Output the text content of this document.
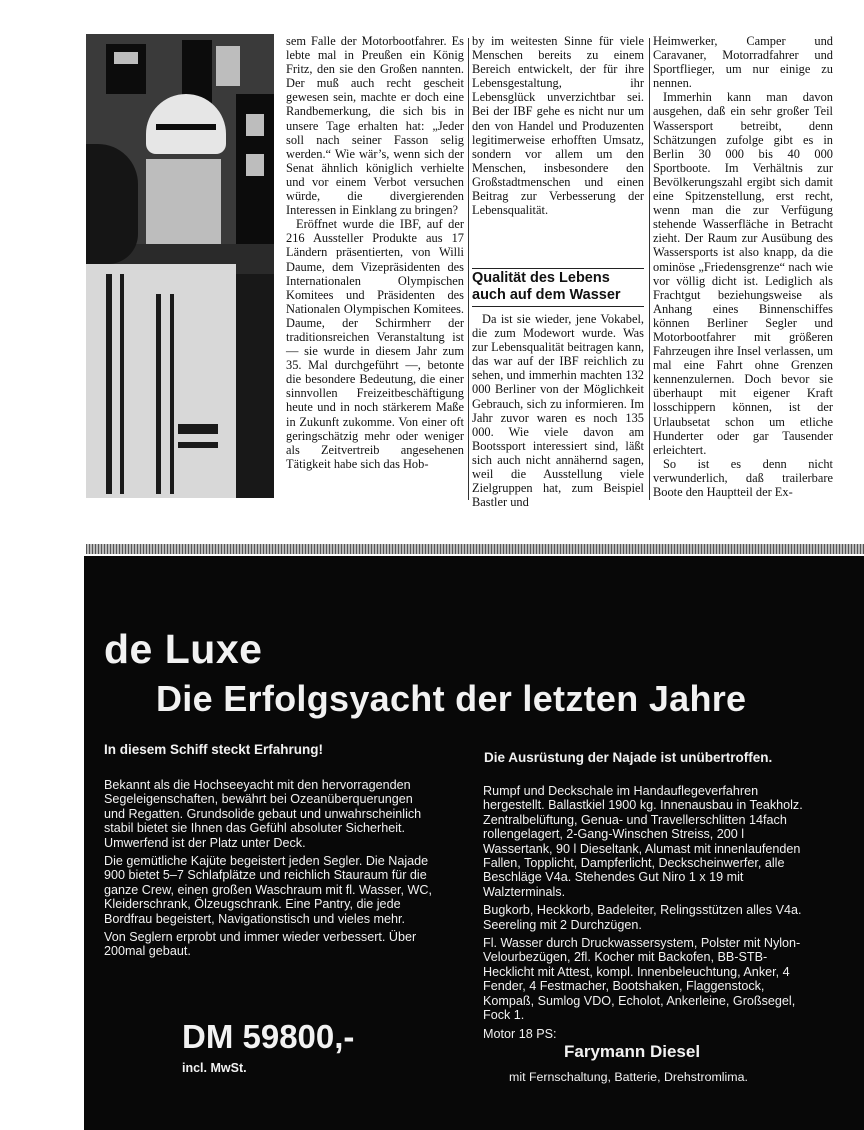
sem Falle der Motorbootfahrer. Es lebte mal in Preußen ein König Fritz, den sie den Großen nannten. Der muß auch recht gescheit gewesen sein, machte er doch eine Randbemerkung, die sich bis in unsere Tage erhalten hat: „Jeder soll nach seiner Fasson selig werden.“ Wie wär’s, wenn sich der Senat ähnlich königlich verhielte und vor einem Verbot versuchen würde, die divergierenden Interessen in Einklang zu bringen?

Eröffnet wurde die IBF, auf der 216 Aussteller Produkte aus 17 Ländern präsentierten, von Willi Daume, dem Vizepräsidenten des Internationalen Olympischen Komitees und Präsidenten des Nationalen Olympischen Komitees. Daume, der Schirmherr der traditionsreichen Veranstaltung ist — sie wurde in diesem Jahr zum 35. Mal durchgeführt —, betonte die besondere Bedeutung, die einer sinnvollen Freizeitbeschäftigung heute und in noch stärkerem Maße in Zukunft zukomme. Von einer oft geringschätzig mehr oder weniger als Zeitvertreib angesehenen Tätigkeit habe sich das Hob-

by im weitesten Sinne für viele Menschen bereits zu einem Bereich entwickelt, der für ihre Lebensgestaltung, ihr Lebensglück unverzichtbar sei. Bei der IBF gehe es nicht nur um den von Handel und Produzenten legitimerweise erhofften Umsatz, sondern vor allem um den Menschen, insbesondere den Großstadtmenschen und einen Beitrag zur Verbesserung der Lebensqualität.

Qualität des Lebens auch auf dem Wasser

Da ist sie wieder, jene Vokabel, die zum Modewort wurde. Was zur Lebensqualität beitragen kann, das war auf der IBF reichlich zu sehen, und immerhin machten 132 000 Berliner von der Möglichkeit Gebrauch, sich zu informieren. Im Jahr zuvor waren es noch 135 000. Wie viele davon am Bootssport interessiert sind, läßt sich auch nicht annähernd sagen, weil die Ausstellung viele Zielgruppen hat, zum Beispiel Bastler und

Heimwerker, Camper und Caravaner, Motorradfahrer und Sportflieger, um nur einige zu nennen.

Immerhin kann man davon ausgehen, daß ein sehr großer Teil Wassersport betreibt, denn Schätzungen zufolge gibt es in Berlin 30 000 bis 40 000 Sportboote. Im Verhältnis zur Bevölkerungszahl ergibt sich damit eine Spitzenstellung, erst recht, wenn man die zur Verfügung stehende Wasserfläche in Betracht zieht. Der Raum zur Ausübung des Wassersports ist also knapp, da die ominöse „Friedensgrenze“ nach wie vor völlig dicht ist. Lediglich als Frachtgut beziehungsweise als Anhang eines Binnenschiffes können Berliner Segler und Motorbootfahrer mit größeren Fahrzeugen ihre Insel verlassen, um mal eine Fahrt ohne Grenzen kennenzulernen. Doch bevor sie überhaupt mit eigener Kraft losschippern können, ist der Urlaubsetat schon um etliche Hunderter oder gar Tausender erleichtert.

So ist es denn nicht verwunderlich, daß trailerbare Boote den Hauptteil der Ex-

de Luxe
Die Erfolgsyacht der letzten Jahre
In diesem Schiff steckt Erfahrung!

Bekannt als die Hochseeyacht mit den hervorragenden Segeleigenschaften, bewährt bei Ozeanüberquerungen und Regatten. Grundsolide gebaut und unwahrscheinlich stabil bietet sie Ihnen das Gefühl absoluter Sicherheit. Umwerfend ist der Platz unter Deck.

Die gemütliche Kajüte begeistert jeden Segler. Die Najade 900 bietet 5–7 Schlafplätze und reichlich Stauraum für die ganze Crew, einen großen Waschraum mit fl. Wasser, WC, Kleiderschrank, Ölzeugschrank. Eine Pantry, die jede Bordfrau begeistert, Navigationstisch und vieles mehr.

Von Seglern erprobt und immer wieder verbessert. Über 200mal gebaut.

DM 59800,-
incl. MwSt.
Die Ausrüstung der Najade ist unübertroffen.

Rumpf und Deckschale im Handauflegeverfahren hergestellt. Ballastkiel 1900 kg. Innenausbau in Teakholz. Zentralbelüftung, Genua- und Travellerschlitten 14fach rollengelagert, 2-Gang-Winschen Streiss, 200 l Wassertank, 90 l Dieseltank, Alumast mit innenlaufenden Fallen, Topplicht, Dampferlicht, Deckscheinwerfer, alle Beschläge V4a. Stehendes Gut Niro 1 x 19 mit Walzterminals.

Bugkorb, Heckkorb, Badeleiter, Relingsstützen alles V4a. Seereling mit 2 Durchzügen.

Fl. Wasser durch Druckwassersystem, Polster mit Nylon-Velourbezügen, 2fl. Kocher mit Backofen, BB-STB-Hecklicht mit Attest, kompl. Innenbeleuchtung, Anker, 4 Fender, 4 Festmacher, Bootshaken, Flaggenstock, Kompaß, Sumlog VDO, Echolot, Ankerleine, Großsegel, Fock 1.

Motor 18 PS:

Farymann Diesel
mit Fernschaltung, Batterie, Drehstromlima.
